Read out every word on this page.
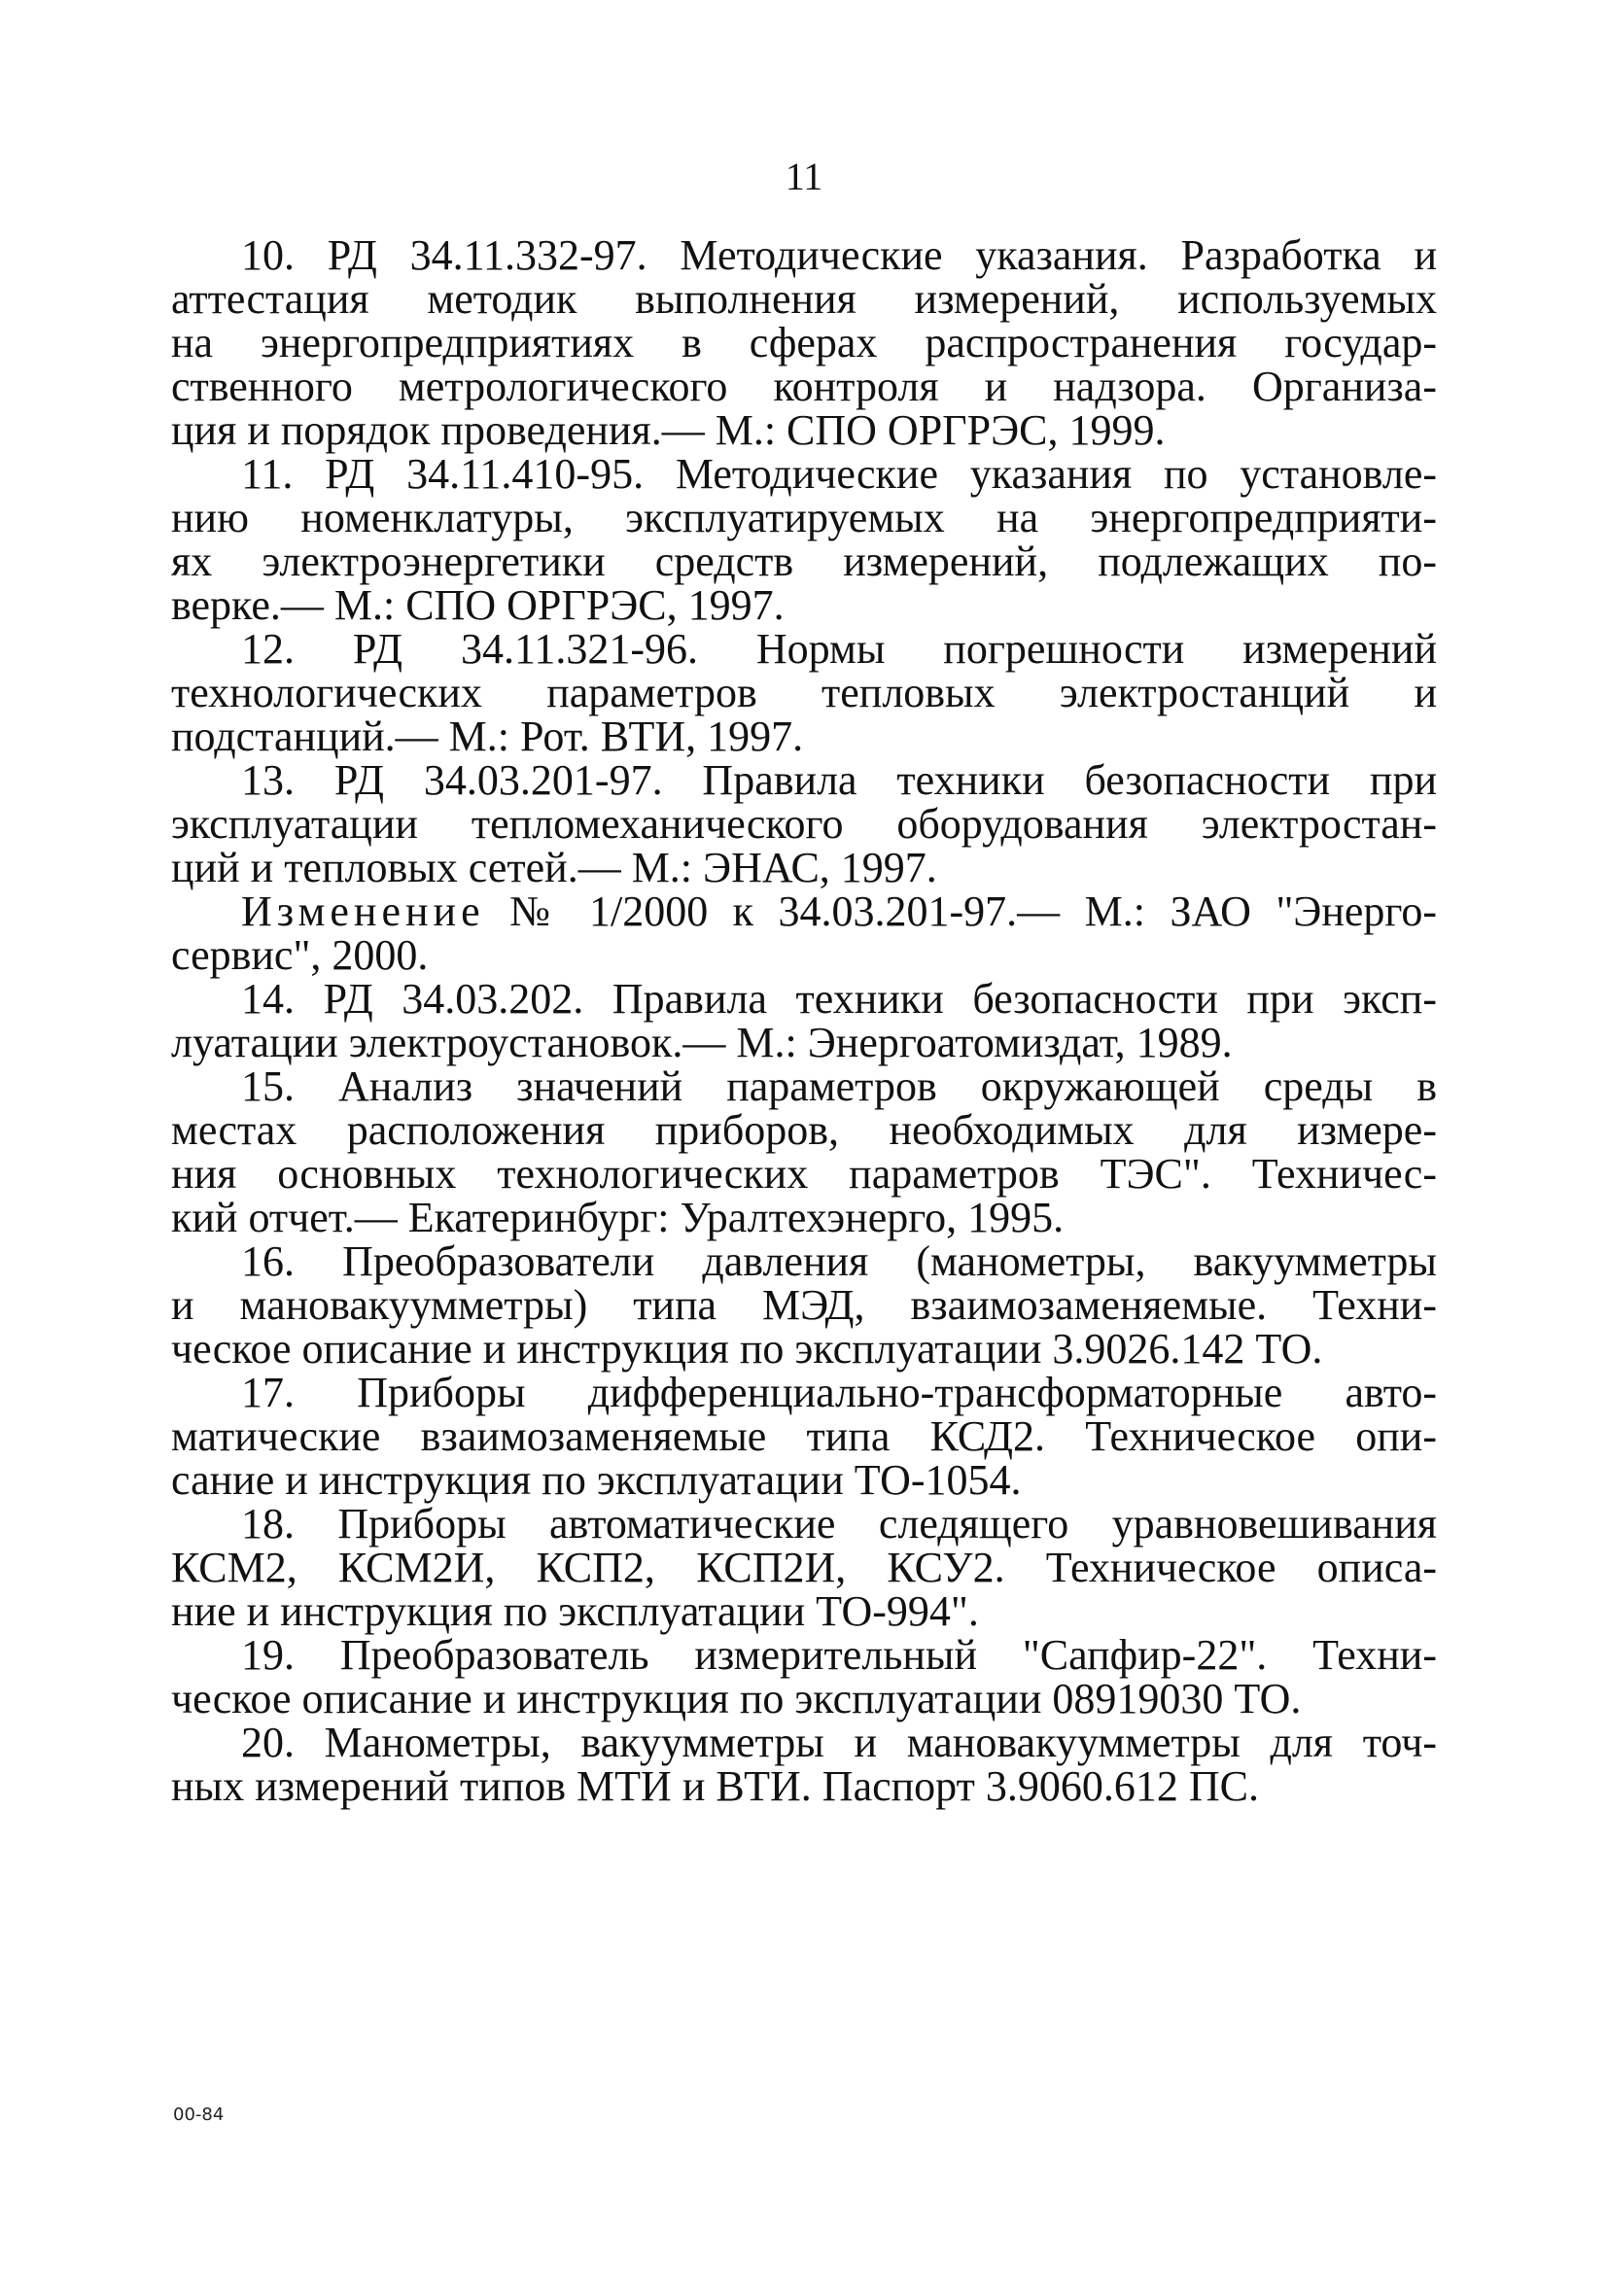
11

10. РД 34.11.332-97. Методические указания. Разработка и
аттестация методик выполнения измерений, используемых
на энергопредприятиях в сферах распространения государ-
ственного метрологического контроля и надзора. Организа-
ция и порядок проведения.— М.: СПО ОРГРЭС, 1999.

11. РД 34.11.410-95. Методические указания по установле-
нию номенклатуры, эксплуатируемых на энергопредприяти-
ях электроэнергетики средств измерений, подлежащих по-
верке.— М.: СПО ОРГРЭС, 1997.

12. РД 34.11.321-96. Нормы погрешности измерений
технологических параметров тепловых электростанций и
подстанций.— М.: Рот. ВТИ, 1997.

13. РД 34.03.201-97. Правила техники безопасности при
эксплуатации тепломеханического оборудования электростан-
ций и тепловых сетей.— М.: ЭНАС, 1997.

Изменение № 1/2000 к 34.03.201-97.— М.: ЗАО "Энерго-
сервис", 2000.

14. РД 34.03.202. Правила техники безопасности при эксп-
луатации электроустановок.— М.: Энергоатомиздат, 1989.

15. Анализ значений параметров окружающей среды в
местах расположения приборов, необходимых для измере-
ния основных технологических параметров ТЭС". Техничес-
кий отчет.— Екатеринбург: Уралтехэнерго, 1995.

16. Преобразователи давления (манометры, вакуумметры
и мановакуумметры) типа МЭД, взаимозаменяемые. Техни-
ческое описание и инструкция по эксплуатации 3.9026.142 ТО.

17. Приборы дифференциально-трансформаторные авто-
матические взаимозаменяемые типа КСД2. Техническое опи-
сание и инструкция по эксплуатации ТО-1054.

18. Приборы автоматические следящего уравновешивания
КСМ2, КСМ2И, КСП2, КСП2И, КСУ2. Техническое описа-
ние и инструкция по эксплуатации ТО-994".

19. Преобразователь измерительный "Сапфир-22". Техни-
ческое описание и инструкция по эксплуатации 08919030 ТО.

20. Манометры, вакуумметры и мановакуумметры для точ-
ных измерений типов МТИ и ВТИ. Паспорт 3.9060.612 ПС.

00-84
